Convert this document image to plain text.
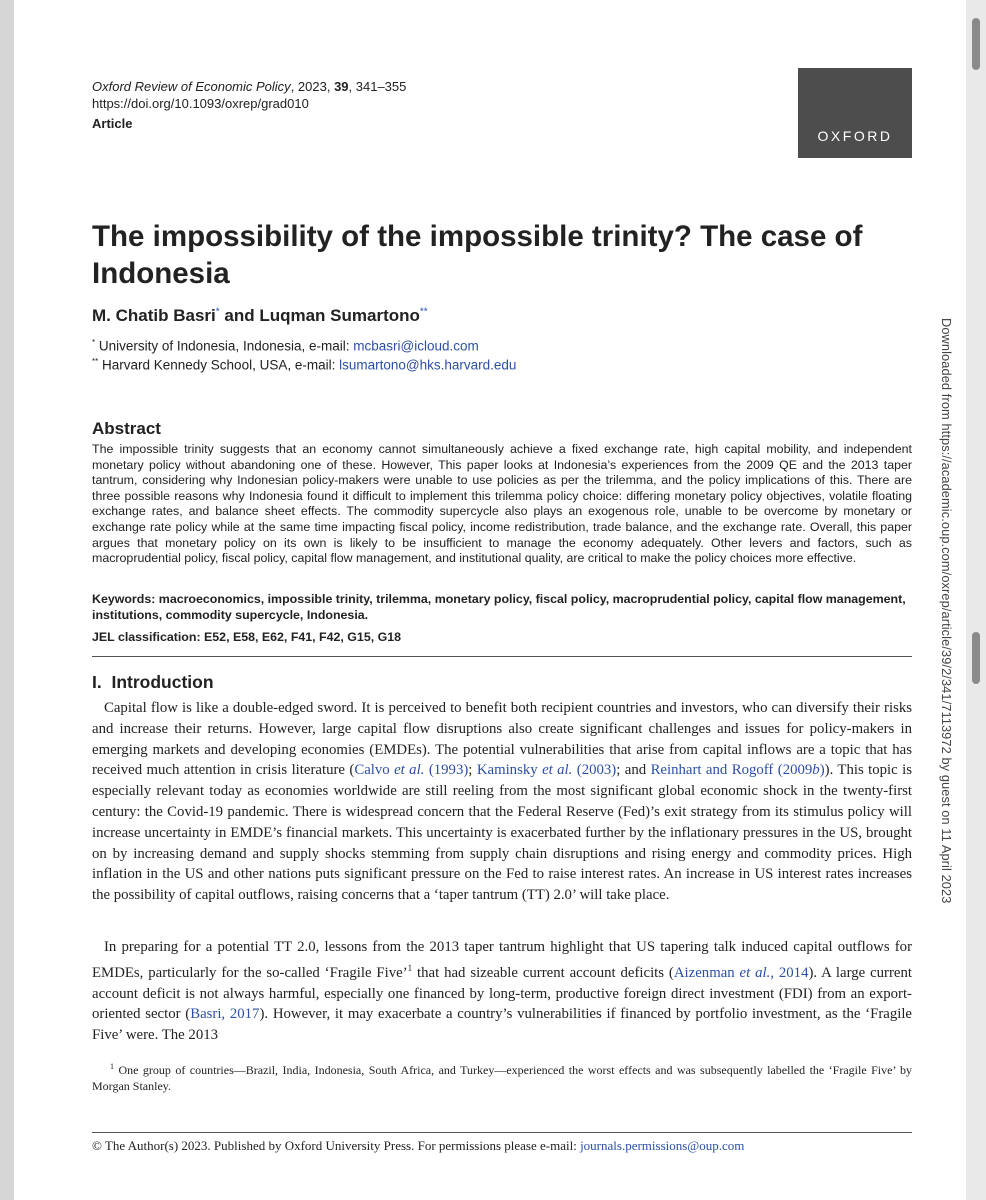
Oxford Review of Economic Policy, 2023, 39, 341–355
https://doi.org/10.1093/oxrep/grad010
Article
OXFORD
The impossibility of the impossible trinity? The case of Indonesia
M. Chatib Basri* and Luqman Sumartono**
* University of Indonesia, Indonesia, e-mail: mcbasri@icloud.com
** Harvard Kennedy School, USA, e-mail: lsumartono@hks.harvard.edu
Abstract

The impossible trinity suggests that an economy cannot simultaneously achieve a fixed exchange rate, high capital mobility, and independent monetary policy without abandoning one of these. However, This paper looks at Indonesia’s experiences from the 2009 QE and the 2013 taper tantrum, considering why Indonesian policy-makers were unable to use policies as per the trilemma, and the policy implications of this. There are three possible reasons why Indonesia found it difficult to implement this trilemma policy choice: differing monetary policy objectives, volatile floating exchange rates, and balance sheet effects. The commodity supercycle also plays an exogenous role, unable to be overcome by monetary or exchange rate policy while at the same time impacting fiscal policy, income redistribution, trade balance, and the exchange rate. Overall, this paper argues that monetary policy on its own is likely to be insufficient to manage the economy adequately. Other levers and factors, such as macroprudential policy, fiscal policy, capital flow management, and institutional quality, are critical to make the policy choices more effective.

Keywords: macroeconomics, impossible trinity, trilemma, monetary policy, fiscal policy, macroprudential policy, capital flow management, institutions, commodity supercycle, Indonesia.

JEL classification: E52, E58, E62, F41, F42, G15, G18
I. Introduction

Capital flow is like a double-edged sword. It is perceived to benefit both recipient countries and investors, who can diversify their risks and increase their returns. However, large capital flow disruptions also create significant challenges and issues for policy-makers in emerging markets and developing economies (EMDEs). The potential vulnerabilities that arise from capital inflows are a topic that has received much attention in crisis literature (Calvo et al. (1993); Kaminsky et al. (2003); and Reinhart and Rogoff (2009b)). This topic is especially relevant today as economies worldwide are still reeling from the most significant global economic shock in the twenty-first century: the Covid-19 pandemic. There is widespread concern that the Federal Reserve (Fed)’s exit strategy from its stimulus policy will increase uncertainty in EMDE’s financial markets. This uncertainty is exacerbated further by the inflationary pressures in the US, brought on by increasing demand and supply shocks stemming from supply chain disruptions and rising energy and commodity prices. High inflation in the US and other nations puts significant pressure on the Fed to raise interest rates. An increase in US interest rates increases the possibility of capital outflows, raising concerns that a ‘taper tantrum (TT) 2.0’ will take place.

In preparing for a potential TT 2.0, lessons from the 2013 taper tantrum highlight that US tapering talk induced capital outflows for EMDEs, particularly for the so-called ‘Fragile Five’$^1$ that had sizeable current account deficits (Aizenman et al., 2014). A large current account deficit is not always harmful, especially one financed by long-term, productive foreign direct investment (FDI) from an export-oriented sector (Basri, 2017). However, it may exacerbate a country’s vulnerabilities if financed by portfolio investment, as the ‘Fragile Five’ were. The 2013

$^1$ One group of countries—Brazil, India, Indonesia, South Africa, and Turkey—experienced the worst effects and was subsequently labelled the ‘Fragile Five’ by Morgan Stanley.

© The Author(s) 2023. Published by Oxford University Press. For permissions please e-mail: journals.permissions@oup.com
Downloaded from https://academic.oup.com/oxrep/article/39/2/341/7113972 by guest on 11 April 2023
